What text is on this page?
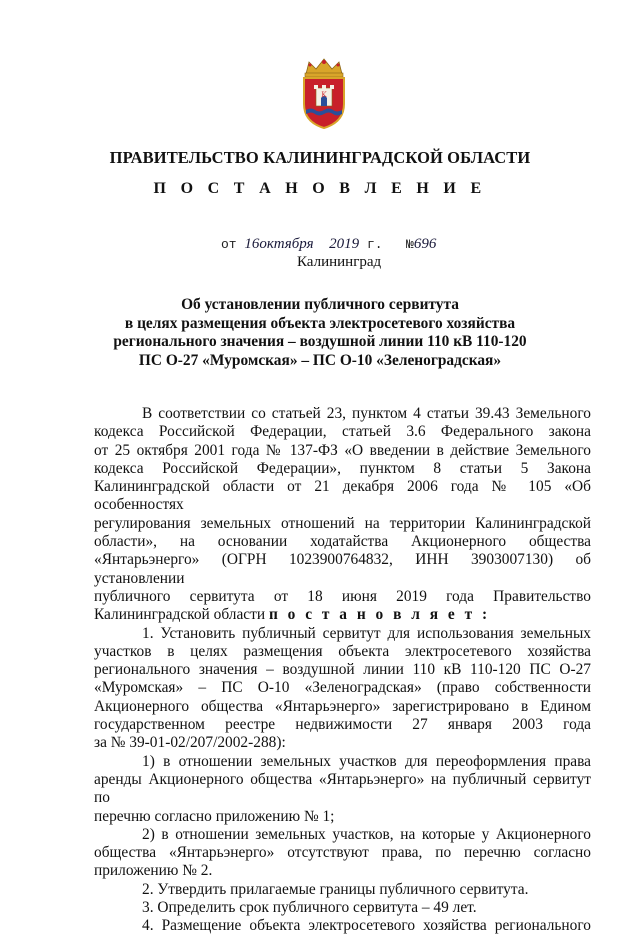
K
ПРАВИТЕЛЬСТВО КАЛИНИНГРАДСКОЙ ОБЛАСТИ
П О С Т А Н О В Л Е Н И Е
от 16октября 2019 г. №696
Калининград
Об установлении публичного сервитута
в целях размещения объекта электросетевого хозяйства
регионального значения – воздушной линии 110 кВ 110-120
ПС О-27 «Муромская» – ПС О-10 «Зеленоградская»
В соответствии со статьей 23, пунктом 4 статьи 39.43 Земельного
кодекса Российской Федерации, статьей 3.6 Федерального закона
от 25 октября 2001 года № 137-ФЗ «О введении в действие Земельного
кодекса Российской Федерации», пунктом 8 статьи 5 Закона
Калининградской области от 21 декабря 2006 года № 105 «Об особенностях
регулирования земельных отношений на территории Калининградской
области», на основании ходатайства Акционерного общества
«Янтарьэнерго» (ОГРН 1023900764832, ИНН 3903007130) об установлении
публичного сервитута от 18 июня 2019 года Правительство
Калининградской области п о с т а н о в л я е т :
1. Установить публичный сервитут для использования земельных
участков в целях размещения объекта электросетевого хозяйства
регионального значения – воздушной линии 110 кВ 110-120 ПС О-27
«Муромская» – ПС О-10 «Зеленоградская» (право собственности
Акционерного общества «Янтарьэнерго» зарегистрировано в Едином
государственном реестре недвижимости 27 января 2003 года
за № 39-01-02/207/2002-288):
1) в отношении земельных участков для переоформления права
аренды Акционерного общества «Янтарьэнерго» на публичный сервитут по
перечню согласно приложению № 1;
2) в отношении земельных участков, на которые у Акционерного
общества «Янтарьэнерго» отсутствуют права, по перечню согласно
приложению № 2.
2. Утвердить прилагаемые границы публичного сервитута.
3. Определить срок публичного сервитута – 49 лет.
4. Размещение объекта электросетевого хозяйства регионального
